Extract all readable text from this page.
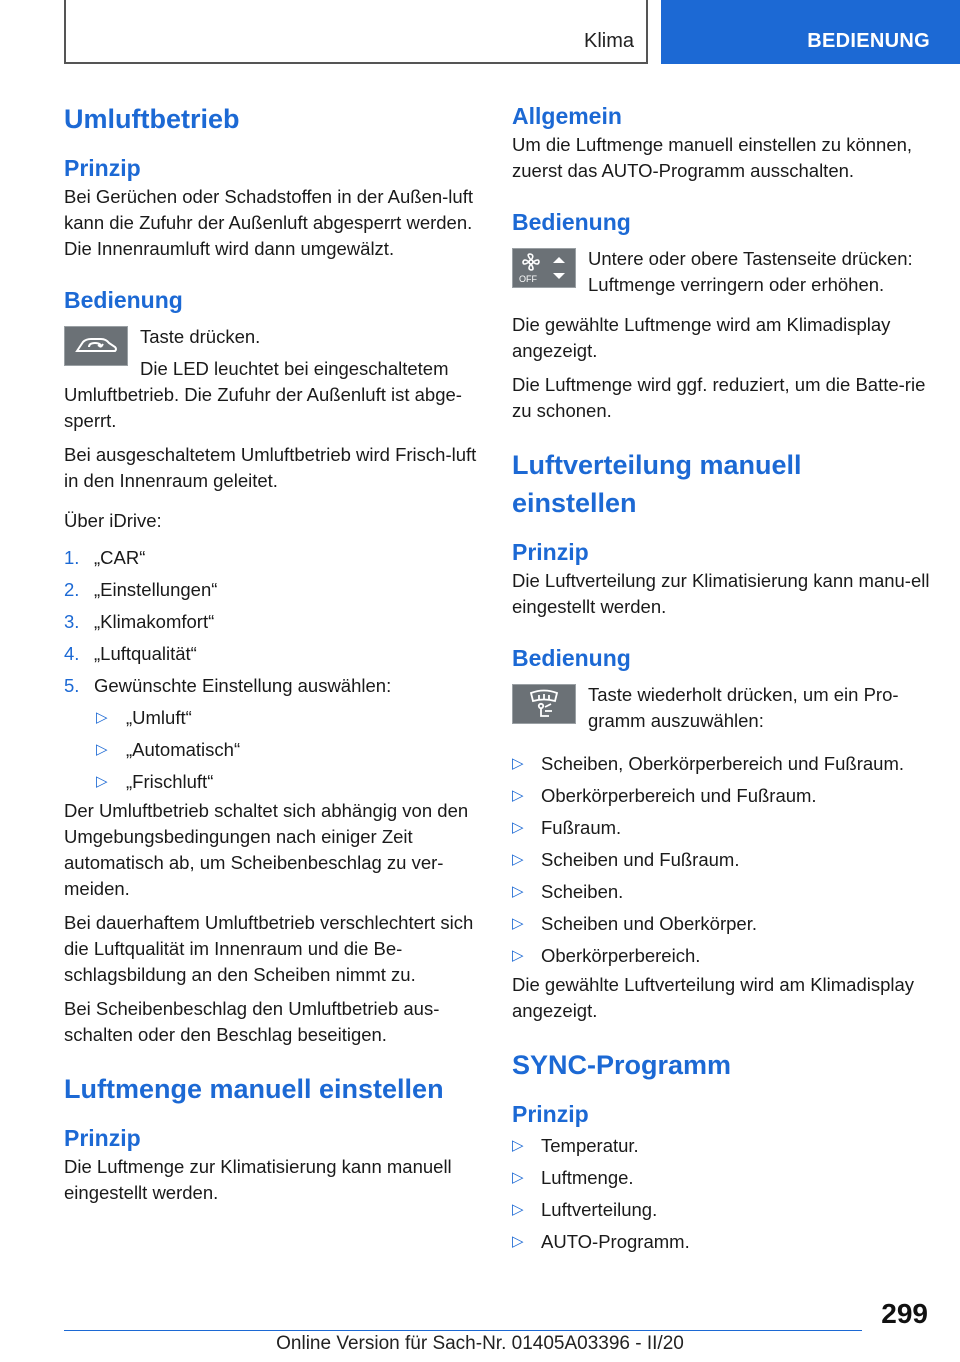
Klima	BEDIENUNG
Umluftbetrieb
Prinzip

Bei Gerüchen oder Schadstoffen in der Außen-luft kann die Zufuhr der Außenluft abgesperrt werden. Die Innenraumluft wird dann umgewälzt.

Bedienung

Taste drücken.

Die LED leuchtet bei eingeschaltetem

Umluftbetrieb. Die Zufuhr der Außenluft ist abge-sperrt.

Bei ausgeschaltetem Umluftbetrieb wird Frisch-luft in den Innenraum geleitet.

Über iDrive:

1. „CAR“
2. „Einstellungen“
3. „Klimakomfort“
4. „Luftqualität“
5. Gewünschte Einstellung auswählen:
▷ „Umluft“
▷ „Automatisch“
▷ „Frischluft“

Der Umluftbetrieb schaltet sich abhängig von den Umgebungsbedingungen nach einiger Zeit automatisch ab, um Scheibenbeschlag zu ver-meiden.

Bei dauerhaftem Umluftbetrieb verschlechtert sich die Luftqualität im Innenraum und die Be-schlagsbildung an den Scheiben nimmt zu.

Bei Scheibenbeschlag den Umluftbetrieb aus-schalten oder den Beschlag beseitigen.

Luftmenge manuell einstellen
Prinzip

Die Luftmenge zur Klimatisierung kann manuell eingestellt werden.

Allgemein

Um die Luftmenge manuell einstellen zu können, zuerst das AUTO-Programm ausschalten.

Bedienung
OFF

Untere oder obere Tastenseite drücken: Luftmenge verringern oder erhöhen.

Die gewählte Luftmenge wird am Klimadisplay angezeigt.

Die Luftmenge wird ggf. reduziert, um die Batte-rie zu schonen.

Luftverteilung manuell einstellen
Prinzip

Die Luftverteilung zur Klimatisierung kann manu-ell eingestellt werden.

Bedienung

Taste wiederholt drücken, um ein Pro-gramm auszuwählen:

▷ Scheiben, Oberkörperbereich und Fußraum.
▷ Oberkörperbereich und Fußraum.
▷ Fußraum.
▷ Scheiben und Fußraum.
▷ Scheiben.
▷ Scheiben und Oberkörper.
▷ Oberkörperbereich.

Die gewählte Luftverteilung wird am Klimadisplay angezeigt.

SYNC-Programm
Prinzip
▷ Temperatur.
▷ Luftmenge.
▷ Luftverteilung.
▷ AUTO-Programm.
299
Online Version für Sach-Nr. 01405A03396 - II/20
